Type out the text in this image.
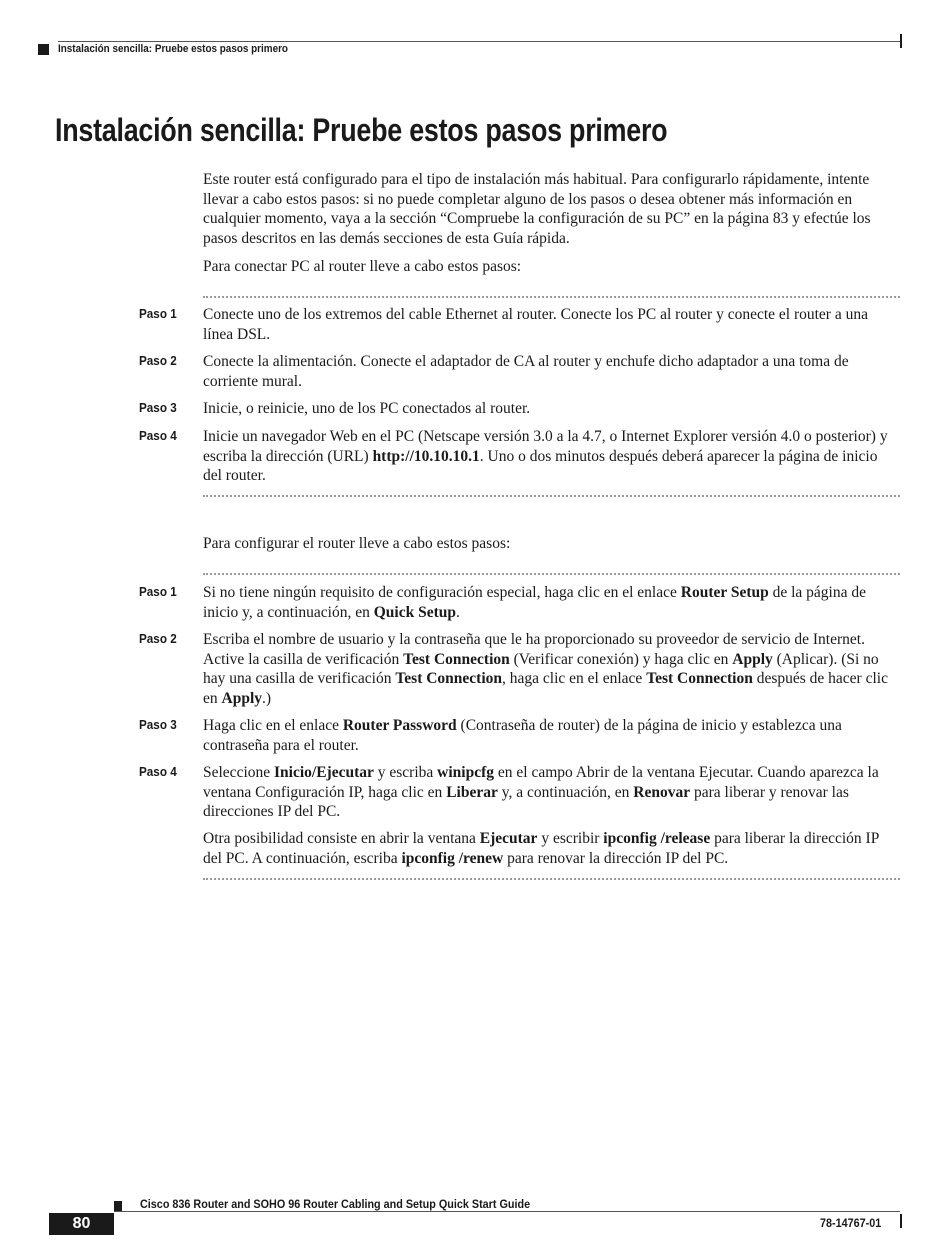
Instalación sencilla: Pruebe estos pasos primero
Instalación sencilla: Pruebe estos pasos primero

Este router está configurado para el tipo de instalación más habitual. Para configurarlo rápidamente, intente llevar a cabo estos pasos: si no puede completar alguno de los pasos o desea obtener más información en cualquier momento, vaya a la sección “Compruebe la configuración de su PC” en la página 83 y efectúe los pasos descritos en las demás secciones de esta Guía rápida.

Para conectar PC al router lleve a cabo estos pasos:

Paso 1 Conecte uno de los extremos del cable Ethernet al router. Conecte los PC al router y conecte el router a una línea DSL.

Paso 2 Conecte la alimentación. Conecte el adaptador de CA al router y enchufe dicho adaptador a una toma de corriente mural.

Paso 3 Inicie, o reinicie, uno de los PC conectados al router.

Paso 4 Inicie un navegador Web en el PC (Netscape versión 3.0 a la 4.7, o Internet Explorer versión 4.0 o posterior) y escriba la dirección (URL) http://10.10.10.1. Uno o dos minutos después deberá aparecer la página de inicio del router.

Para configurar el router lleve a cabo estos pasos:

Paso 1 Si no tiene ningún requisito de configuración especial, haga clic en el enlace Router Setup de la página de inicio y, a continuación, en Quick Setup.

Paso 2 Escriba el nombre de usuario y la contraseña que le ha proporcionado su proveedor de servicio de Internet. Active la casilla de verificación Test Connection (Verificar conexión) y haga clic en Apply (Aplicar). (Si no hay una casilla de verificación Test Connection, haga clic en el enlace Test Connection después de hacer clic en Apply.)

Paso 3 Haga clic en el enlace Router Password (Contraseña de router) de la página de inicio y establezca una contraseña para el router.

Paso 4 Seleccione Inicio/Ejecutar y escriba winipcfg en el campo Abrir de la ventana Ejecutar. Cuando aparezca la ventana Configuración IP, haga clic en Liberar y, a continuación, en Renovar para liberar y renovar las direcciones IP del PC.

Otra posibilidad consiste en abrir la ventana Ejecutar y escribir ipconfig /release para liberar la dirección IP del PC. A continuación, escriba ipconfig /renew para renovar la dirección IP del PC.

Cisco 836 Router and SOHO 96 Router Cabling and Setup Quick Start Guide
80	78-14767-01
